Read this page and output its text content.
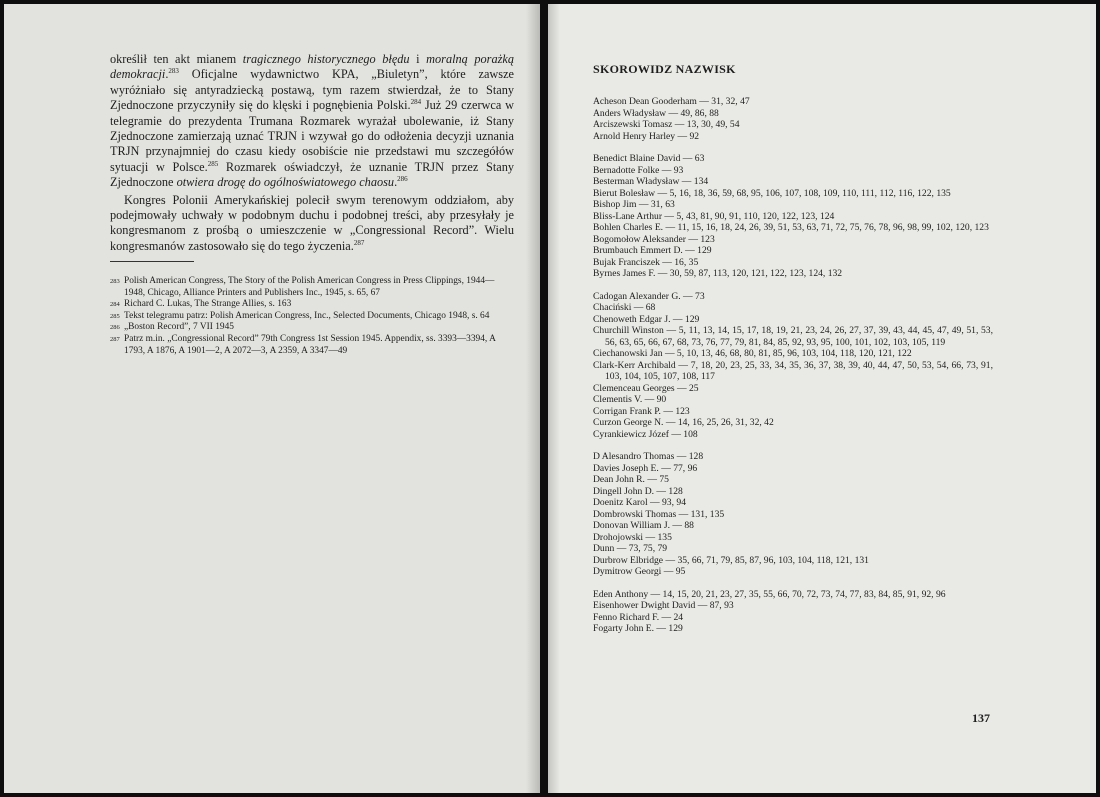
określił ten akt mianem tragicznego historycznego błędu i moralną porażką demokracji.$^{283}$ Oficjalne wydawnictwo KPA, „Biuletyn”, które zawsze wyróżniało się antyradziecką postawą, tym razem stwierdzał, że to Stany Zjednoczone przyczyniły się do klęski i pognębienia Polski.$^{284}$ Już 29 czerwca w telegramie do prezydenta Trumana Rozmarek wyrażał ubolewanie, iż Stany Zjednoczone zamierzają uznać TRJN i wzywał go do odłożenia decyzji uznania TRJN przynajmniej do czasu kiedy osobiście nie przedstawi mu szczegółów sytuacji w Polsce.$^{285}$ Rozmarek oświadczył, że uznanie TRJN przez Stany Zjednoczone otwiera drogę do ogólnoświatowego chaosu.$^{286}$

Kongres Polonii Amerykańskiej polecił swym terenowym oddziałom, aby podejmowały uchwały w podobnym duchu i podobnej treści, aby przesyłały je kongresmanom z prośbą o umieszczenie w „Congressional Record”. Wielu kongresmanów zastosowało się do tego życzenia.$^{287}$

283 Polish American Congress, The Story of the Polish American Congress in Press Clippings, 1944—1948, Chicago, Alliance Printers and Publishers Inc., 1945, s. 65, 67

284 Richard C. Lukas, The Strange Allies, s. 163

285 Tekst telegramu patrz: Polish American Congress, Inc., Selected Documents, Chicago 1948, s. 64

286 „Boston Record”, 7 VII 1945

287 Patrz m.in. „Congressional Record” 79th Congress 1st Session 1945. Appendix, ss. 3393—3394, A 1793, A 1876, A 1901—2, A 2072—3, A 2359, A 3347—49

SKOROWIDZ NAZWISK
Acheson Dean Gooderham — 31, 32, 47
Anders Władysław — 49, 86, 88
Arciszewski Tomasz — 13, 30, 49, 54
Arnold Henry Harley — 92
Benedict Blaine David — 63
Bernadotte Folke — 93
Besterman Władysław — 134
Bierut Bolesław — 5, 16, 18, 36, 59, 68, 95, 106, 107, 108, 109, 110, 111, 112, 116, 122, 135
Bishop Jim — 31, 63
Bliss-Lane Arthur — 5, 43, 81, 90, 91, 110, 120, 122, 123, 124
Bohlen Charles E. — 11, 15, 16, 18, 24, 26, 39, 51, 53, 63, 71, 72, 75, 76, 78, 96, 98, 99, 102, 120, 123
Bogomołow Aleksander — 123
Brumbauch Emmert D. — 129
Bujak Franciszek — 16, 35
Byrnes James F. — 30, 59, 87, 113, 120, 121, 122, 123, 124, 132
Cadogan Alexander G. — 73
Chaciński — 68
Chenoweth Edgar J. — 129
Churchill Winston — 5, 11, 13, 14, 15, 17, 18, 19, 21, 23, 24, 26, 27, 37, 39, 43, 44, 45, 47, 49, 51, 53, 56, 63, 65, 66, 67, 68, 73, 76, 77, 79, 81, 84, 85, 92, 93, 95, 100, 101, 102, 103, 105, 119
Ciechanowski Jan — 5, 10, 13, 46, 68, 80, 81, 85, 96, 103, 104, 118, 120, 121, 122
Clark-Kerr Archibald — 7, 18, 20, 23, 25, 33, 34, 35, 36, 37, 38, 39, 40, 44, 47, 50, 53, 54, 66, 73, 91, 103, 104, 105, 107, 108, 117
Clemenceau Georges — 25
Clementis V. — 90
Corrigan Frank P. — 123
Curzon George N. — 14, 16, 25, 26, 31, 32, 42
Cyrankiewicz Józef — 108
D Alesandro Thomas — 128
Davies Joseph E. — 77, 96
Dean John R. — 75
Dingell John D. — 128
Doenitz Karol — 93, 94
Dombrowski Thomas — 131, 135
Donovan William J. — 88
Drohojowski — 135
Dunn — 73, 75, 79
Durbrow Elbridge — 35, 66, 71, 79, 85, 87, 96, 103, 104, 118, 121, 131
Dymitrow Georgi — 95
Eden Anthony — 14, 15, 20, 21, 23, 27, 35, 55, 66, 70, 72, 73, 74, 77, 83, 84, 85, 91, 92, 96
Eisenhower Dwight David — 87, 93
Fenno Richard F. — 24
Fogarty John E. — 129
137
